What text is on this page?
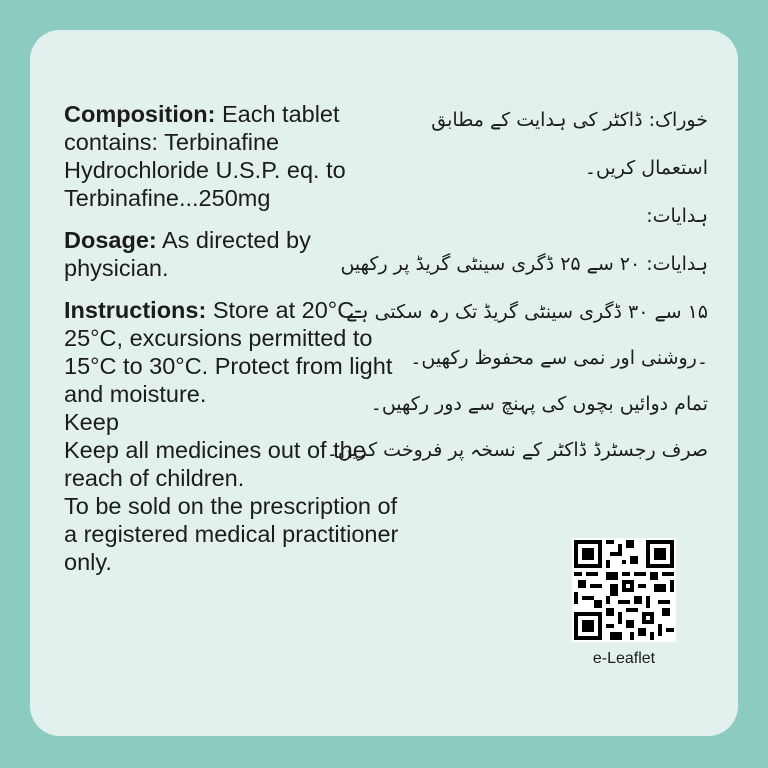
Composition: Each tablet contains: Terbinafine Hydrochloride U.S.P. eq. to Terbinafine...250mg

Dosage: As directed by physician.

Instructions: Store at 20°C-25°C, excursions permitted to 15°C to 30°C. Protect from light and moisture.

Keep

Keep all medicines out of the reach of children.

To be sold on the prescription of a registered medical practitioner only.

خوراک: ڈاکٹر کی ہدایت کے مطابق
استعمال کریں۔
ہدایات:
ہدایات: ۲۰ سے ۲۵ ڈگری سینٹی گریڈ پر رکھیں
۱۵ سے ۳۰ ڈگری سینٹی گریڈ تک رہ سکتی ہے
۔روشنی اور نمی سے محفوظ رکھیں۔
تمام دوائیں بچوں کی پہنچ سے دور رکھیں۔
صرف رجسٹرڈ ڈاکٹر کے نسخہ پر فروخت کریں۔
e-Leaflet
